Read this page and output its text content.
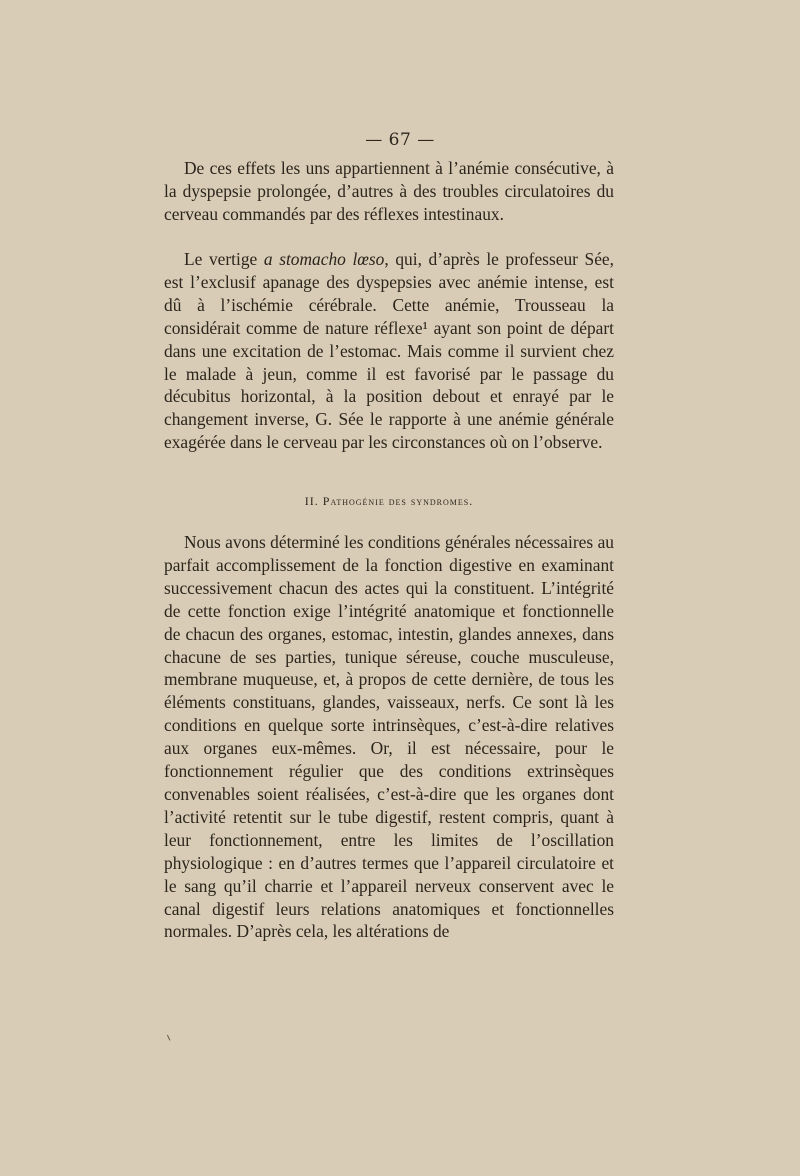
— 67 —

De ces effets les uns appartiennent à l’anémie consécutive, à la dyspepsie prolongée, d’autres à des troubles circulatoires du cerveau commandés par des réflexes intestinaux.

Le vertige a stomacho lœso, qui, d’après le professeur Sée, est l’exclusif apanage des dyspepsies avec anémie intense, est dû à l’ischémie cérébrale. Cette anémie, Trousseau la considérait comme de nature réflexe¹ ayant son point de départ dans une excitation de l’estomac. Mais comme il survient chez le malade à jeun, comme il est favorisé par le passage du décubitus horizontal, à la position debout et enrayé par le changement inverse, G. Sée le rapporte à une anémie générale exagérée dans le cerveau par les circonstances où on l’observe.

II. Pathogénie des syndromes.

Nous avons déterminé les conditions générales nécessaires au parfait accomplissement de la fonction digestive en examinant successivement chacun des actes qui la constituent. L’intégrité de cette fonction exige l’intégrité anatomique et fonctionnelle de chacun des organes, estomac, intestin, glandes annexes, dans chacune de ses parties, tunique séreuse, couche musculeuse, membrane muqueuse, et, à propos de cette dernière, de tous les éléments constituans, glandes, vaisseaux, nerfs. Ce sont là les conditions en quelque sorte intrinsèques, c’est-à-dire relatives aux organes eux-mêmes. Or, il est nécessaire, pour le fonctionnement régulier que des conditions extrinsèques convenables soient réalisées, c’est-à-dire que les organes dont l’activité retentit sur le tube digestif, restent compris, quant à leur fonctionnement, entre les limites de l’oscillation physiologique : en d’autres termes que l’appareil circulatoire et le sang qu’il charrie et l’appareil nerveux conservent avec le canal digestif leurs relations anatomiques et fonctionnelles normales. D’après cela, les altérations de
